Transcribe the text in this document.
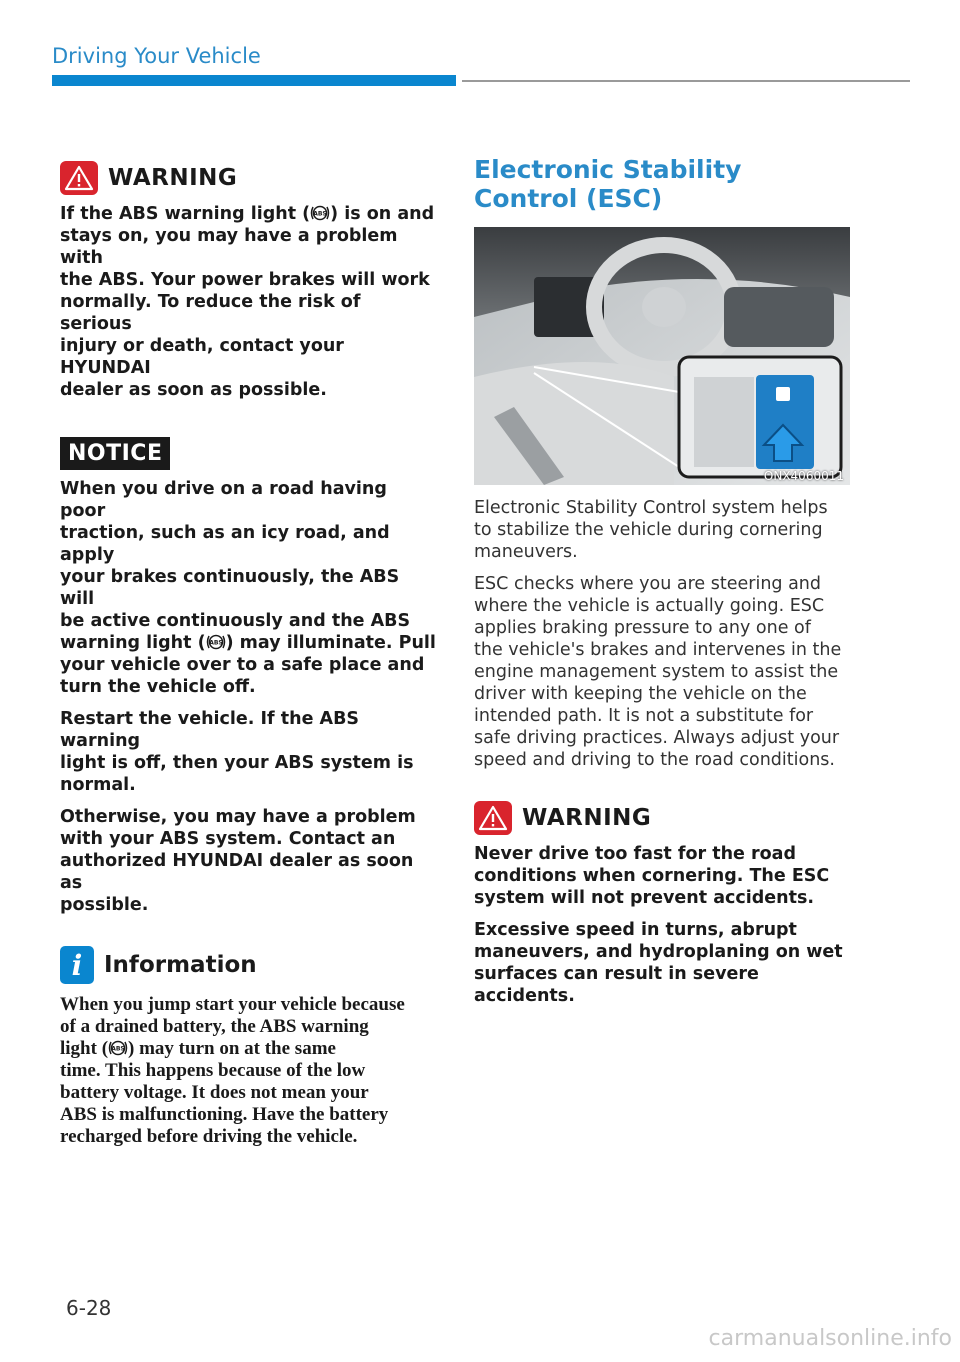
Driving Your Vehicle
WARNING

If the ABS warning light ( ABS ) is on and
stays on, you may have a problem with
the ABS. Your power brakes will work
normally. To reduce the risk of serious
injury or death, contact your HYUNDAI
dealer as soon as possible.

NOTICE

When you drive on a road having poor
traction, such as an icy road, and apply
your brakes continuously, the ABS will
be active continuously and the ABS
warning light ( ABS ) may illuminate. Pull
your vehicle over to a safe place and
turn the vehicle off.

Restart the vehicle. If the ABS warning
light is off, then your ABS system is
normal.

Otherwise, you may have a problem
with your ABS system. Contact an
authorized HYUNDAI dealer as soon as
possible.

i Information
When you jump start your vehicle because
of a drained battery, the ABS warning
light ( ABS ) may turn on at the same
time. This happens because of the low
battery voltage. It does not mean your
ABS is malfunctioning. Have the battery
recharged before driving the vehicle.
Electronic Stability Control (ESC)
ONX4060011

Electronic Stability Control system helps
to stabilize the vehicle during cornering
maneuvers.

ESC checks where you are steering and
where the vehicle is actually going. ESC
applies braking pressure to any one of
the vehicle's brakes and intervenes in the
engine management system to assist the
driver with keeping the vehicle on the
intended path. It is not a substitute for
safe driving practices. Always adjust your
speed and driving to the road conditions.

WARNING

Never drive too fast for the road
conditions when cornering. The ESC
system will not prevent accidents.

Excessive speed in turns, abrupt
maneuvers, and hydroplaning on wet
surfaces can result in severe accidents.

6-28
carmanualsonline.info
